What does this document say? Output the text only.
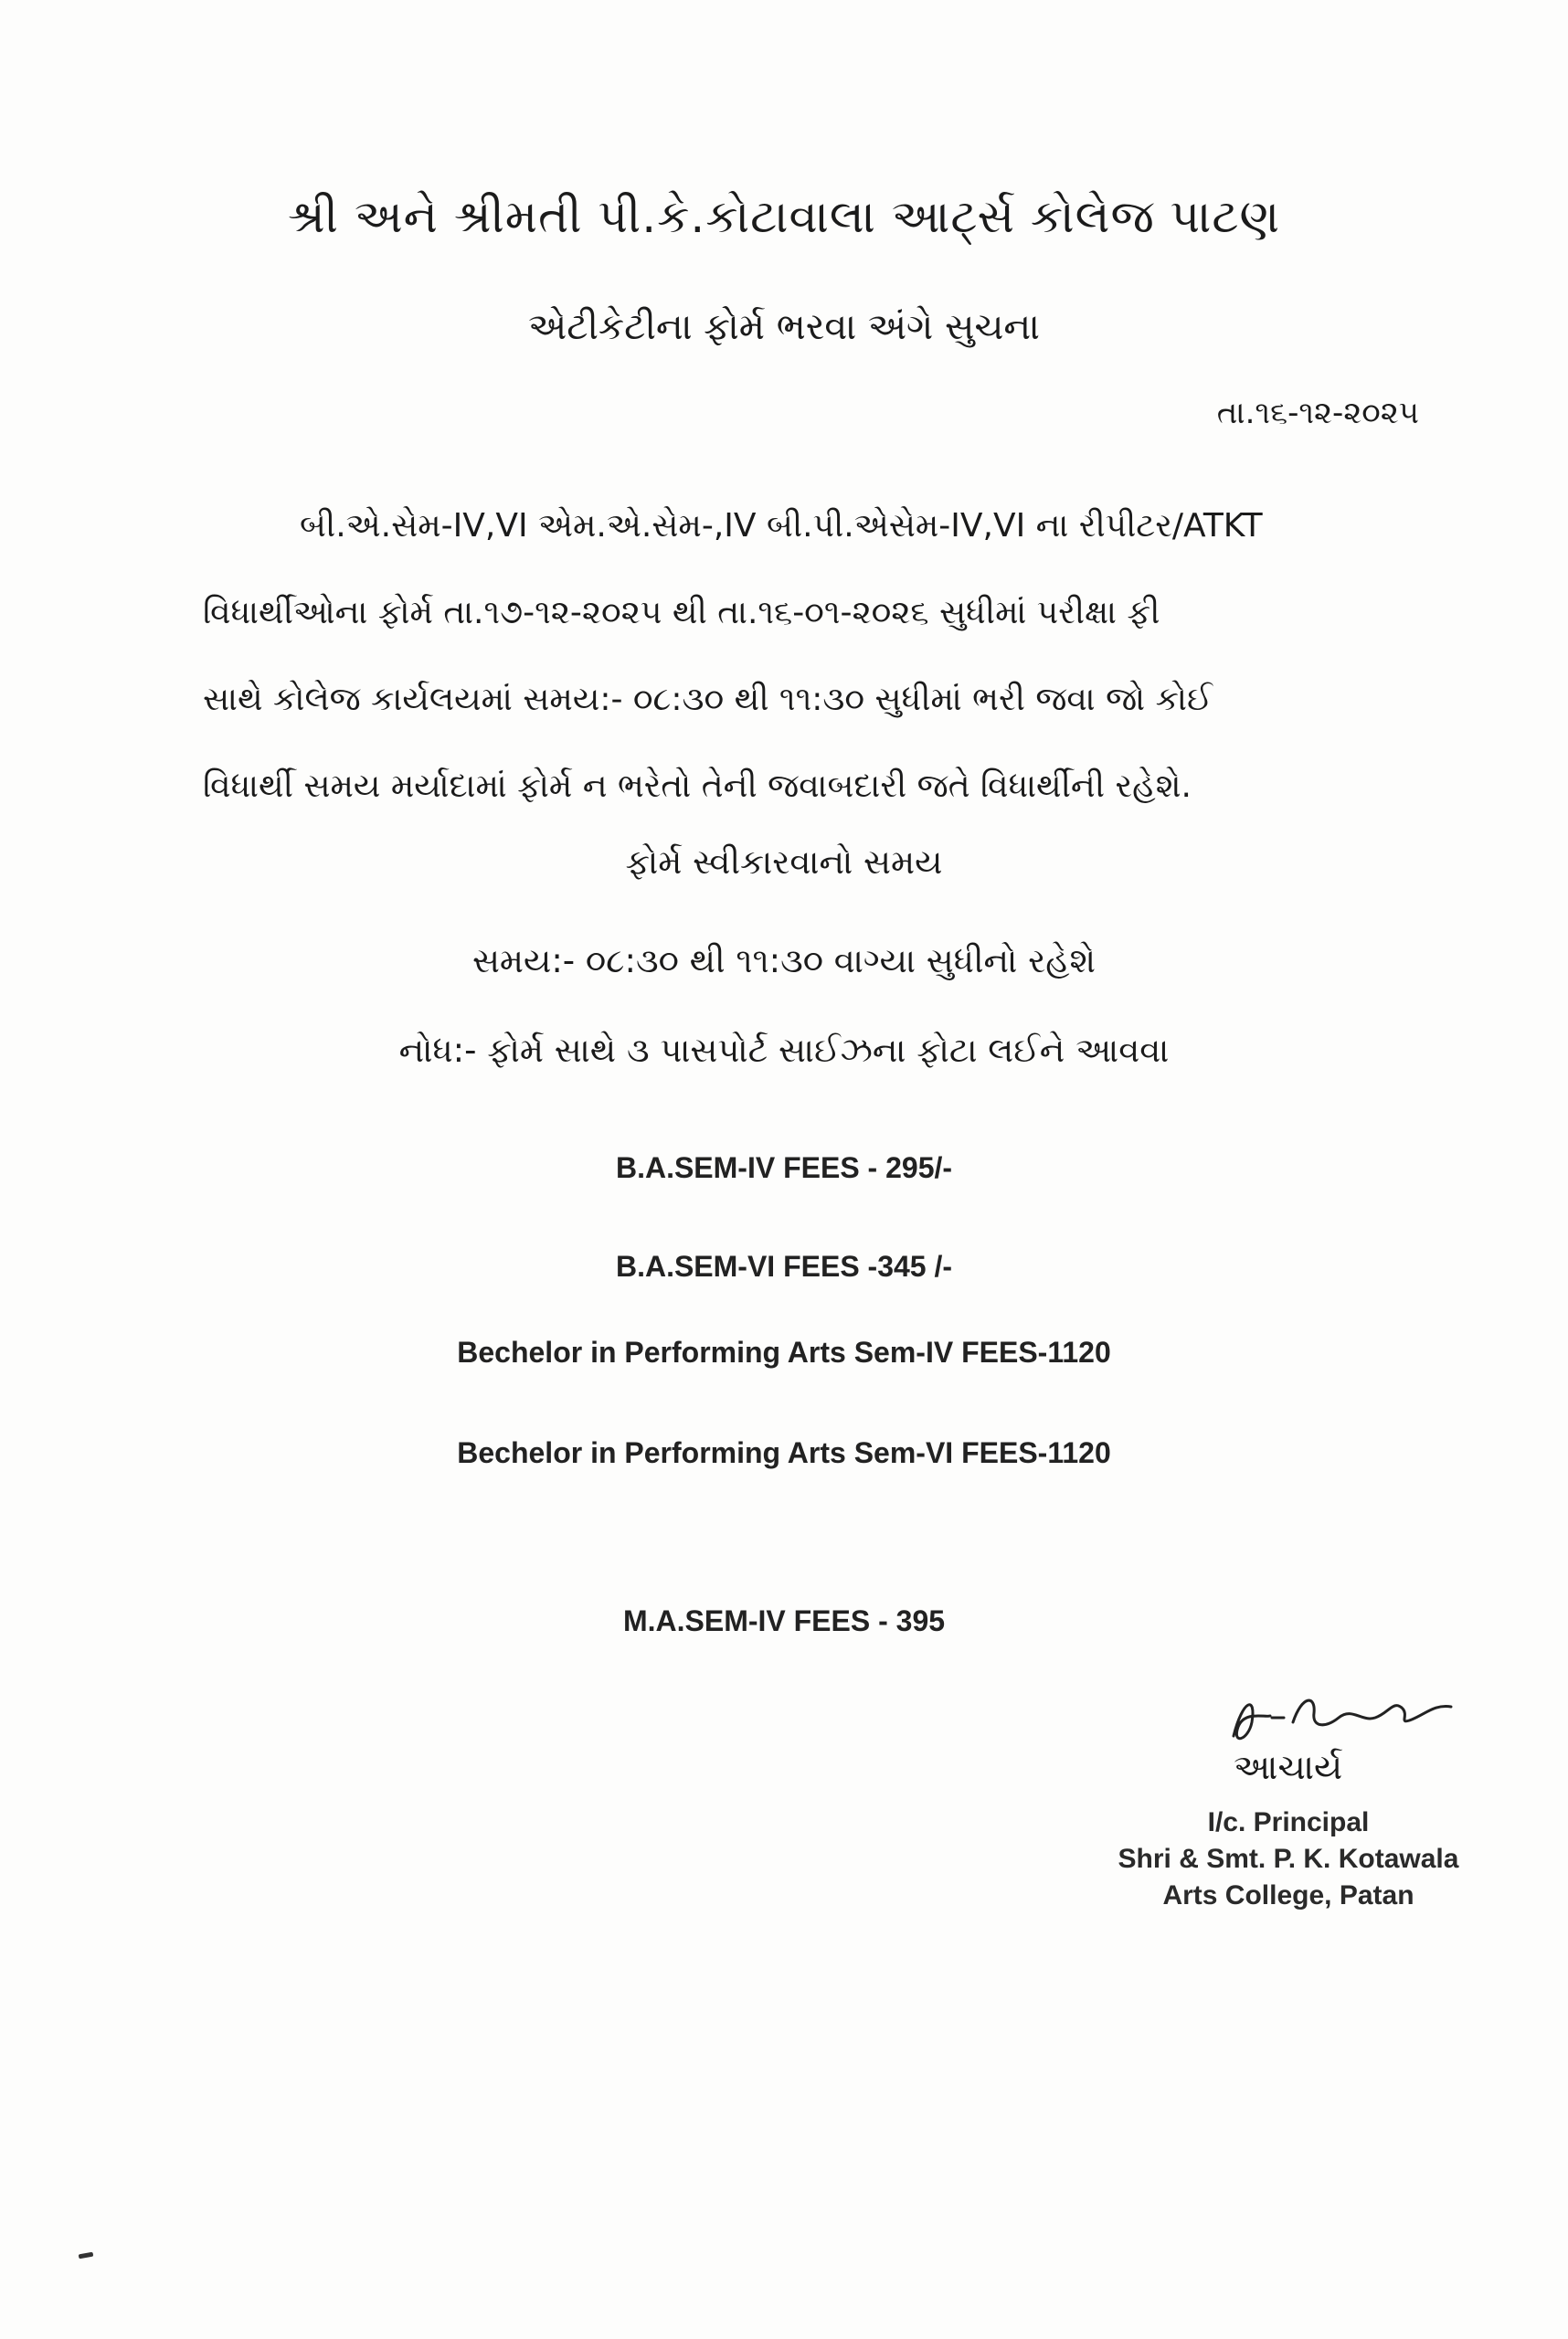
શ્રી અને શ્રીમતી પી.કે.કોટાવાલા આર્ટ્સ કોલેજ પાટણ
એટીકેટીના ફોર્મ ભરવા અંગે સુચના
તા.૧૬-૧૨-૨૦૨૫
બી.એ.સેમ-IV,VI એમ.એ.સેમ-,IV બી.પી.એસેમ-IV,VI ના રીપીટર/ATKT
વિધાર્થીઓના ફોર્મ તા.૧૭-૧૨-૨૦૨૫ થી તા.૧૬-૦૧-૨૦૨૬ સુધીમાં પરીક્ષા ફી
સાથે કોલેજ કાર્યલયમાં સમય:- ૦૮:૩૦ થી ૧૧:૩૦ સુધીમાં ભરી જવા જો કોઈ
વિધાર્થી સમય મર્યાદામાં ફોર્મ ન ભરેતો તેની જવાબદારી જતે વિધાર્થીની રહેશે.
ફોર્મ સ્વીકારવાનો સમય
સમય:- ૦૮:૩૦ થી ૧૧:૩૦ વાગ્યા સુધીનો રહેશે
નોધ:- ફોર્મ સાથે ૩ પાસપોર્ટ સાઈઝના ફોટા લઈને આવવા
B.A.SEM-IV FEES - 295/-
B.A.SEM-VI FEES -345 /-
Bechelor in Performing Arts Sem-IV FEES-1120
Bechelor in Performing Arts Sem-VI FEES-1120
M.A.SEM-IV FEES - 395
આચાર્ય
I/c. Principal
Shri & Smt. P. K. Kotawala
Arts College, Patan
